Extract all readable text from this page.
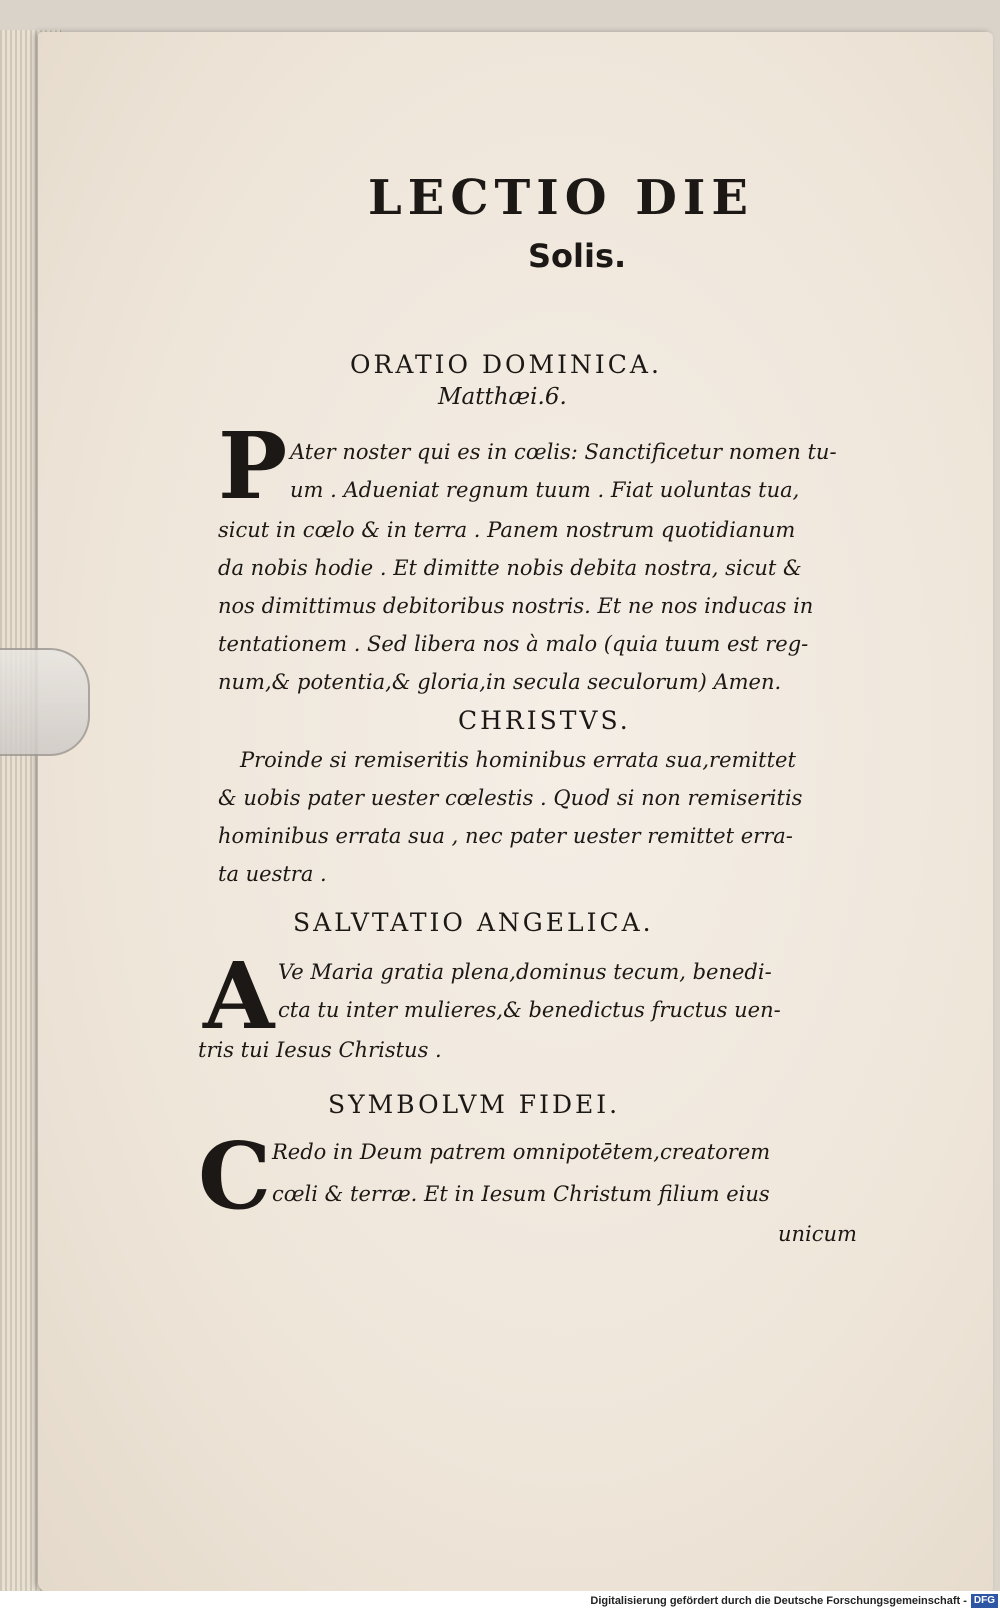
LECTIO DIE
Solis.
ORATIO DOMINICA.
Matthæi.6.
P Ater noster qui es in cœlis: Sanctificetur nomen tu-
um . Adueniat regnum tuum . Fiat uoluntas tua,
sicut in cœlo & in terra . Panem nostrum quotidianum
da nobis hodie . Et dimitte nobis debita nostra, sicut &
nos dimittimus debitoribus nostris. Et ne nos inducas in
tentationem . Sed libera nos à malo (quia tuum est reg-
num,& potentia,& gloria,in secula seculorum) Amen.
CHRISTVS.
Proinde si remiseritis hominibus errata sua,remittet
& uobis pater uester cœlestis . Quod si non remiseritis
hominibus errata sua , nec pater uester remittet erra-
ta uestra .
SALVTATIO ANGELICA.
A Ve Maria gratia plena,dominus tecum, benedi-
cta tu inter mulieres,& benedictus fructus uen-
tris tui Iesus Christus .
SYMBOLVM FIDEI.
C Redo in Deum patrem omnipotētem,creatorem
cœli & terræ. Et in Iesum Christum filium eius
unicum
Digitalisierung gefördert durch die Deutsche Forschungsgemeinschaft - DFG
